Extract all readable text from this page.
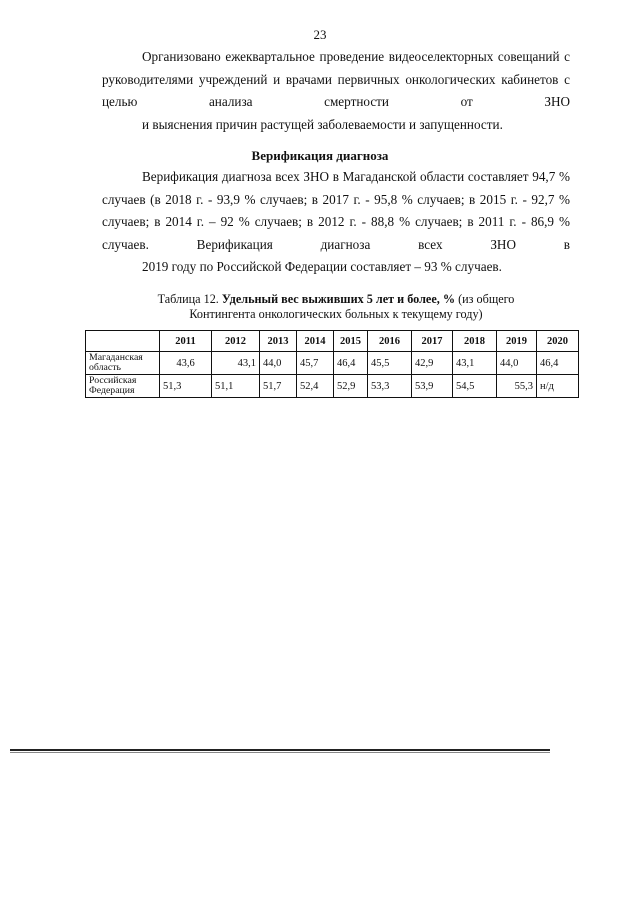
23
Организовано ежеквартальное проведение видеоселекторных совещаний с руководителями учреждений и врачами первичных онкологических кабинетов с целью анализа смертности от ЗНО
и выяснения причин растущей заболеваемости и запущенности.
Верификация диагноза
Верификация диагноза всех ЗНО в Магаданской области составляет 94,7 % случаев (в 2018 г. - 93,9 % случаев; в 2017 г. - 95,8 % случаев; в 2015 г. - 92,7 % случаев; в 2014 г. – 92 % случаев; в 2012 г. - 88,8 % случаев; в 2011 г. - 86,9 % случаев. Верификация диагноза всех ЗНО в
2019 году по Российской Федерации составляет – 93 % случаев.
Таблица 12. Удельный вес выживших 5 лет и более, % (из общего
Контингента онкологических больных к текущему году)
	2011	2012	2013	2014	2015	2016	2017	2018	2019	2020
Магаданская область	43,6	43,1	44,0	45,7	46,4	45,5	42,9	43,1	44,0	46,4
Российская Федерация	51,3	51,1	51,7	52,4	52,9	53,3	53,9	54,5	55,3	н/д
